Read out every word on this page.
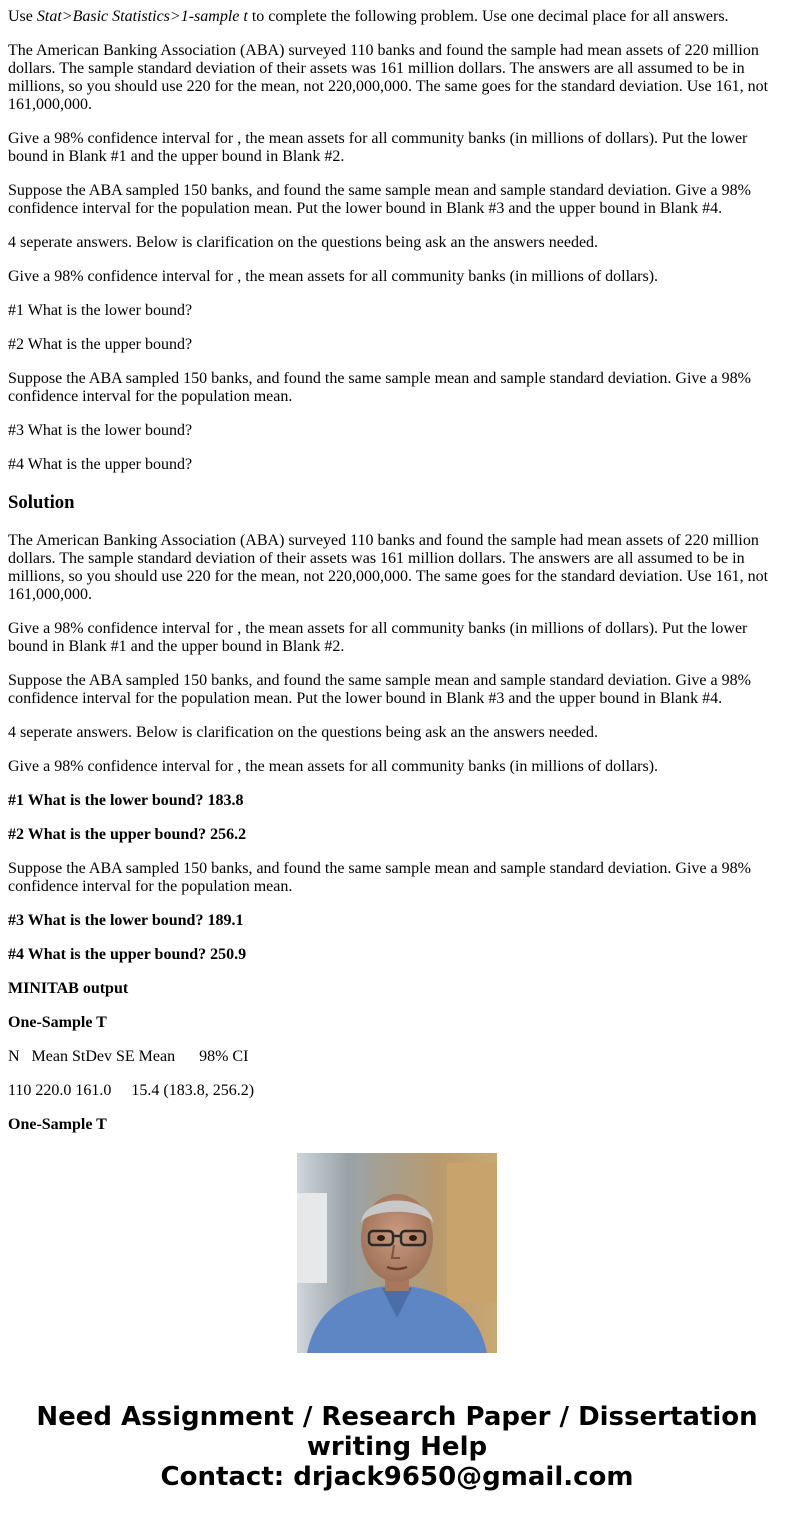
Use Stat>Basic Statistics>1-sample t to complete the following problem. Use one decimal place for all answers.

The American Banking Association (ABA) surveyed 110 banks and found the sample had mean assets of 220 million dollars. The sample standard deviation of their assets was 161 million dollars. The answers are all assumed to be in millions, so you should use 220 for the mean, not 220,000,000. The same goes for the standard deviation. Use 161, not 161,000,000.

Give a 98% confidence interval for , the mean assets for all community banks (in millions of dollars). Put the lower bound in Blank #1 and the upper bound in Blank #2.

Suppose the ABA sampled 150 banks, and found the same sample mean and sample standard deviation. Give a 98% confidence interval for the population mean. Put the lower bound in Blank #3 and the upper bound in Blank #4.

4 seperate answers. Below is clarification on the questions being ask an the answers needed.

Give a 98% confidence interval for , the mean assets for all community banks (in millions of dollars).

#1 What is the lower bound?

#2 What is the upper bound?

Suppose the ABA sampled 150 banks, and found the same sample mean and sample standard deviation. Give a 98% confidence interval for the population mean.

#3 What is the lower bound?

#4 What is the upper bound?

Solution

The American Banking Association (ABA) surveyed 110 banks and found the sample had mean assets of 220 million dollars. The sample standard deviation of their assets was 161 million dollars. The answers are all assumed to be in millions, so you should use 220 for the mean, not 220,000,000. The same goes for the standard deviation. Use 161, not 161,000,000.

Give a 98% confidence interval for , the mean assets for all community banks (in millions of dollars). Put the lower bound in Blank #1 and the upper bound in Blank #2.

Suppose the ABA sampled 150 banks, and found the same sample mean and sample standard deviation. Give a 98% confidence interval for the population mean. Put the lower bound in Blank #3 and the upper bound in Blank #4.

4 seperate answers. Below is clarification on the questions being ask an the answers needed.

Give a 98% confidence interval for , the mean assets for all community banks (in millions of dollars).

#1 What is the lower bound? 183.8

#2 What is the upper bound? 256.2

Suppose the ABA sampled 150 banks, and found the same sample mean and sample standard deviation. Give a 98% confidence interval for the population mean.

#3 What is the lower bound? 189.1

#4 What is the upper bound? 250.9

MINITAB output

One-Sample T

N   Mean StDev SE Mean      98% CI

110 220.0 161.0     15.4 (183.8, 256.2)

One-Sample T

Need Assignment / Research Paper / Dissertation writing Help
Contact: drjack9650@gmail.com
